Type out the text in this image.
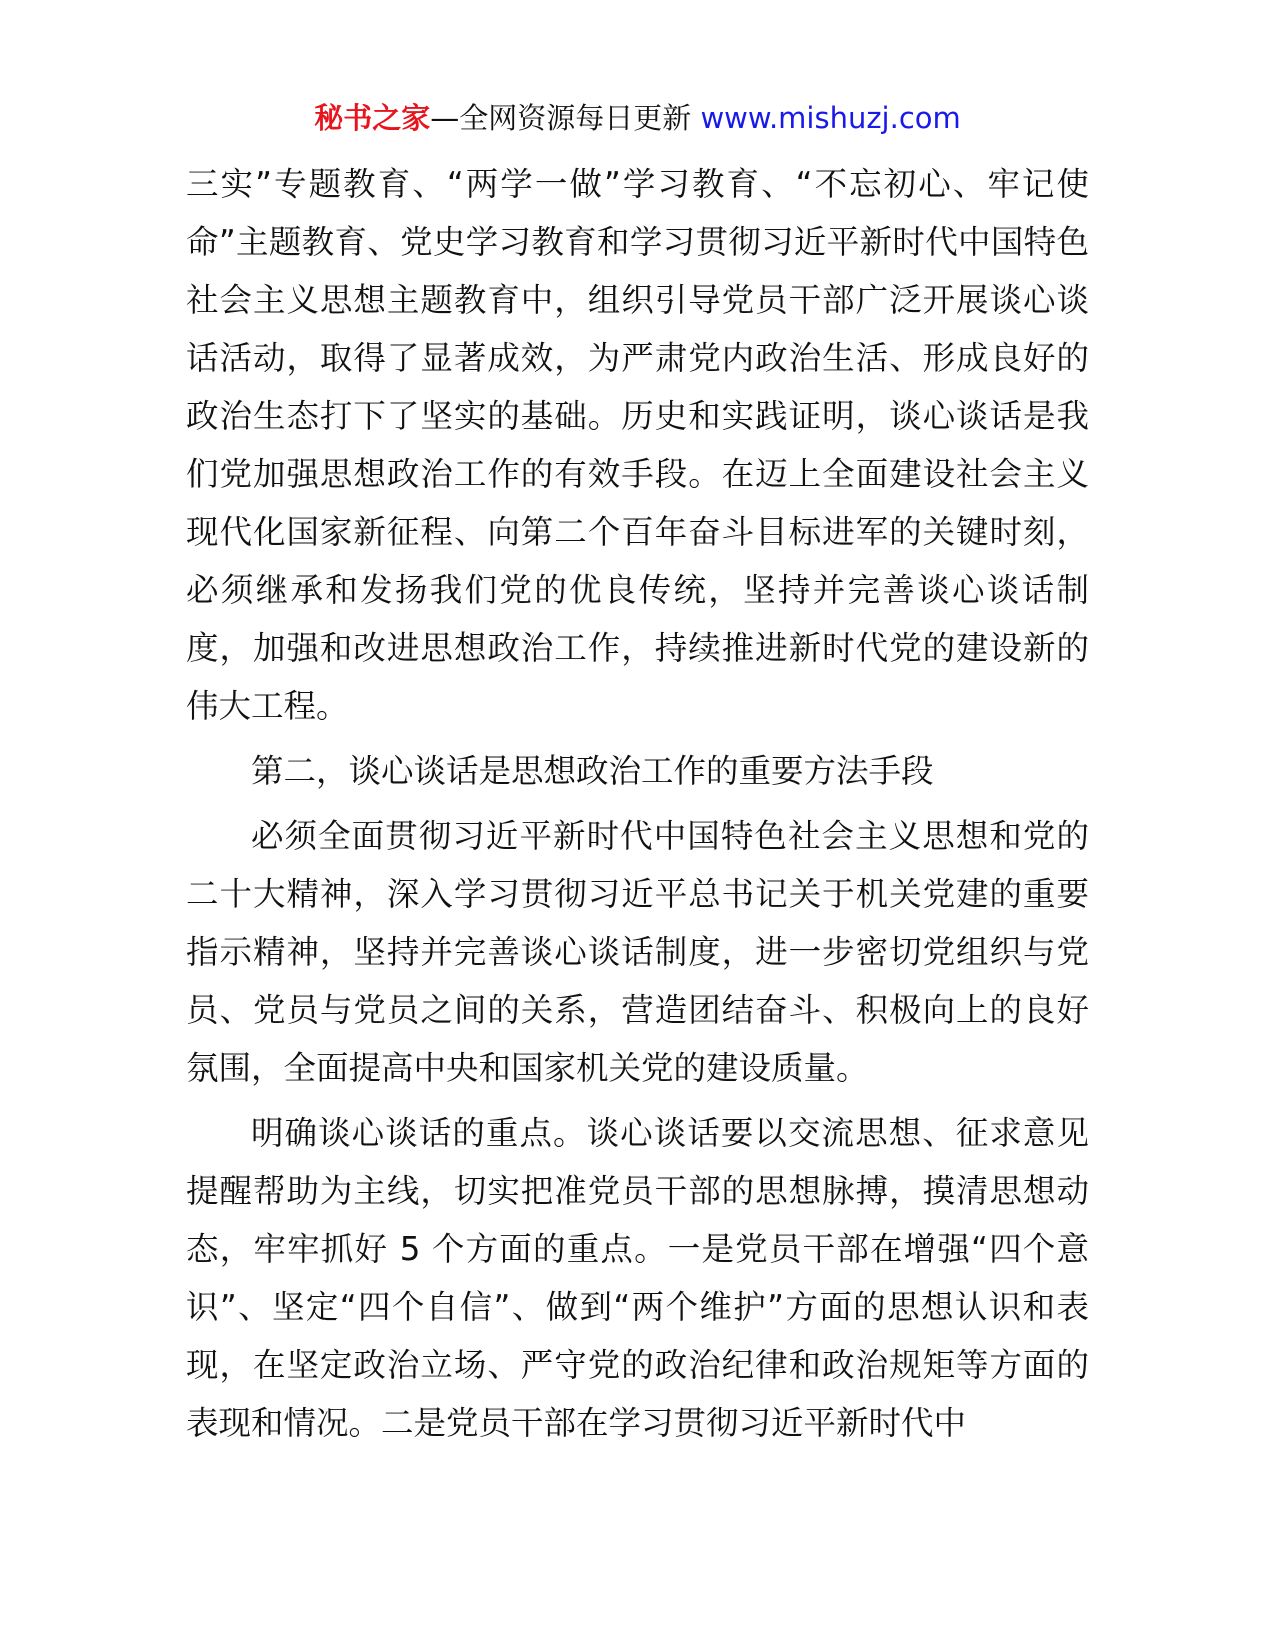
秘书之家—全网资源每日更新 www.mishuzj.com

三实”专题教育、“两学一做”学习教育、“不忘初心、牢记使命”主题教育、党史学习教育和学习贯彻习近平新时代中国特色社会主义思想主题教育中，组织引导党员干部广泛开展谈心谈话活动，取得了显著成效，为严肃党内政治生活、形成良好的政治生态打下了坚实的基础。历史和实践证明，谈心谈话是我们党加强思想政治工作的有效手段。在迈上全面建设社会主义现代化国家新征程、向第二个百年奋斗目标进军的关键时刻，必须继承和发扬我们党的优良传统，坚持并完善谈心谈话制度，加强和改进思想政治工作，持续推进新时代党的建设新的伟大工程。

第二，谈心谈话是思想政治工作的重要方法手段

必须全面贯彻习近平新时代中国特色社会主义思想和党的二十大精神，深入学习贯彻习近平总书记关于机关党建的重要指示精神，坚持并完善谈心谈话制度，进一步密切党组织与党员、党员与党员之间的关系，营造团结奋斗、积极向上的良好氛围，全面提高中央和国家机关党的建设质量。

明确谈心谈话的重点。谈心谈话要以交流思想、征求意见提醒帮助为主线，切实把准党员干部的思想脉搏，摸清思想动态，牢牢抓好 5 个方面的重点。一是党员干部在增强“四个意识”、坚定“四个自信”、做到“两个维护”方面的思想认识和表现，在坚定政治立场、严守党的政治纪律和政治规矩等方面的表现和情况。二是党员干部在学习贯彻习近平新时代中
